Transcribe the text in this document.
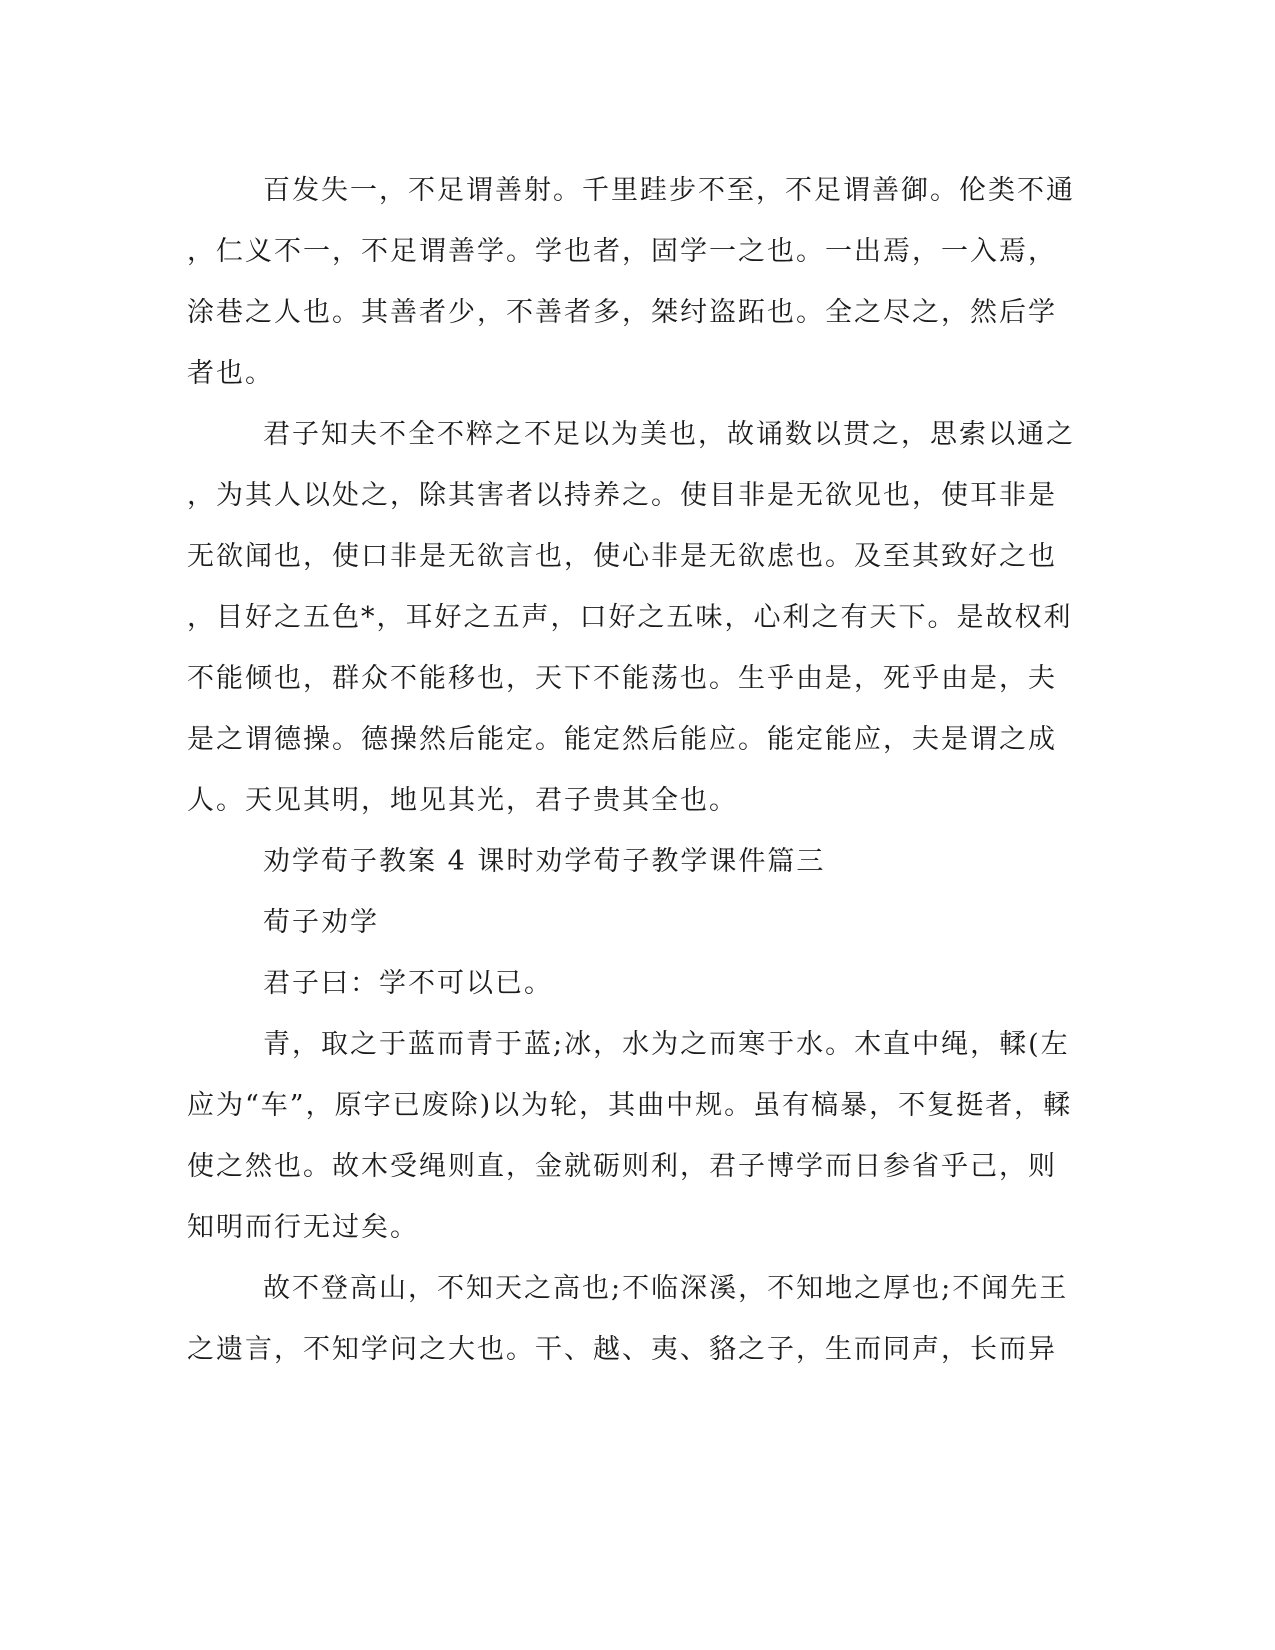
百发失一，不足谓善射。千里跬步不至，不足谓善御。伦类不通
，仁义不一，不足谓善学。学也者，固学一之也。一出焉，一入焉，
涂巷之人也。其善者少，不善者多，桀纣盗跖也。全之尽之，然后学
者也。
君子知夫不全不粹之不足以为美也，故诵数以贯之，思索以通之
，为其人以处之，除其害者以持养之。使目非是无欲见也，使耳非是
无欲闻也，使口非是无欲言也，使心非是无欲虑也。及至其致好之也
，目好之五色*，耳好之五声，口好之五味，心利之有天下。是故权利
不能倾也，群众不能移也，天下不能荡也。生乎由是，死乎由是，夫
是之谓德操。德操然后能定。能定然后能应。能定能应，夫是谓之成
人。天见其明，地见其光，君子贵其全也。
劝学荀子教案 4 课时劝学荀子教学课件篇三
荀子劝学
君子曰：学不可以已。
青，取之于蓝而青于蓝;冰，水为之而寒于水。木直中绳，輮(左
应为“车”，原字已废除)以为轮，其曲中规。虽有槁暴，不复挺者，輮
使之然也。故木受绳则直，金就砺则利，君子博学而日参省乎己，则
知明而行无过矣。
故不登高山，不知天之高也;不临深溪，不知地之厚也;不闻先王
之遗言，不知学问之大也。干、越、夷、貉之子，生而同声，长而异
